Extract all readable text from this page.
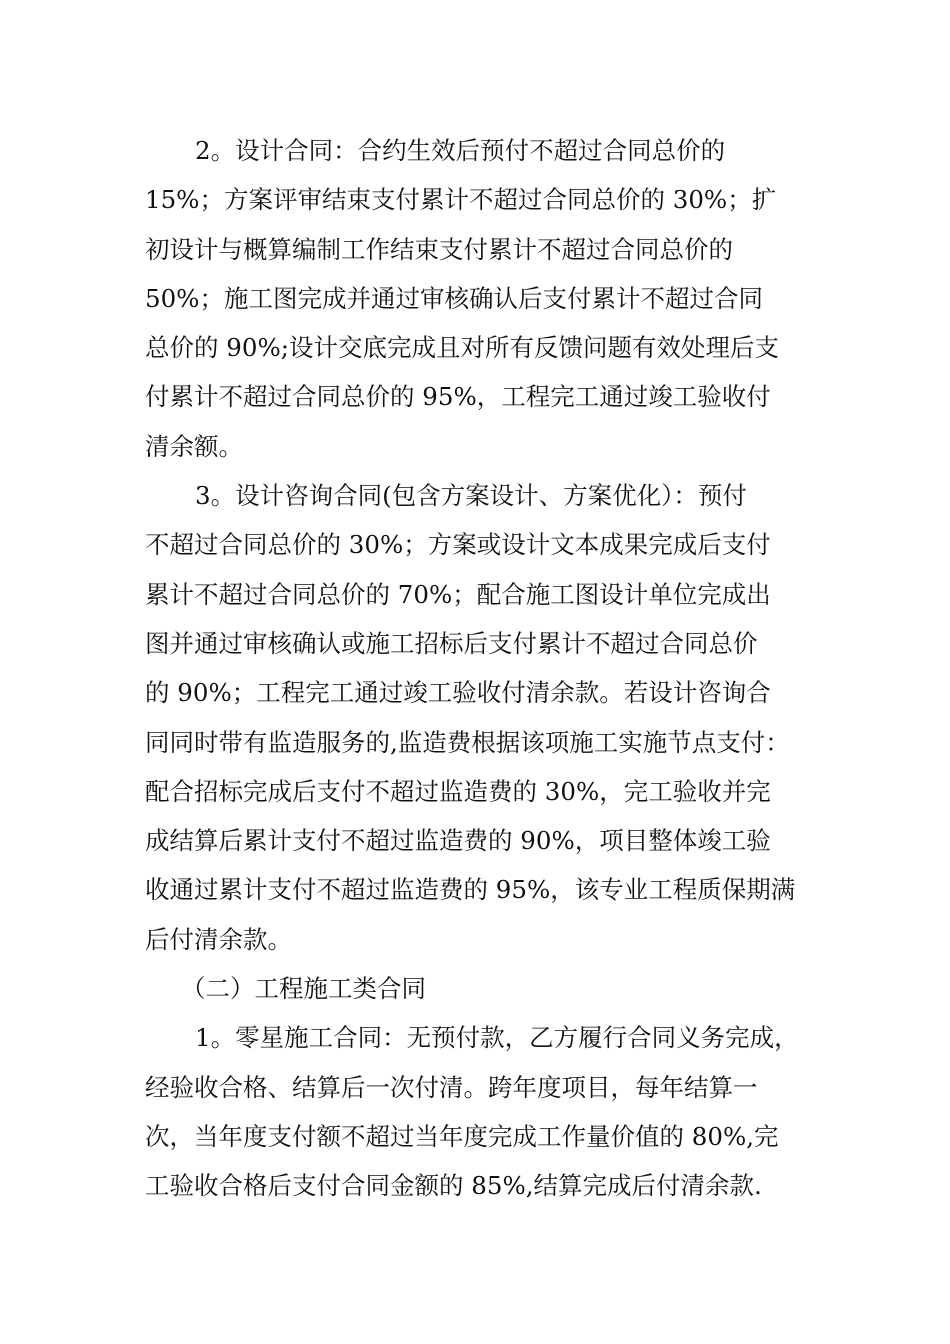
2。设计合同：合约生效后预付不超过合同总价的
15%；方案评审结束支付累计不超过合同总价的 30%；扩
初设计与概算编制工作结束支付累计不超过合同总价的
50%；施工图完成并通过审核确认后支付累计不超过合同
总价的 90%;设计交底完成且对所有反馈问题有效处理后支
付累计不超过合同总价的 95%，工程完工通过竣工验收付
清余额。

3。设计咨询合同(包含方案设计、方案优化）：预付
不超过合同总价的 30%；方案或设计文本成果完成后支付
累计不超过合同总价的 70%；配合施工图设计单位完成出
图并通过审核确认或施工招标后支付累计不超过合同总价
的 90%；工程完工通过竣工验收付清余款。若设计咨询合
同同时带有监造服务的,监造费根据该项施工实施节点支付：
配合招标完成后支付不超过监造费的 30%，完工验收并完
成结算后累计支付不超过监造费的 90%，项目整体竣工验
收通过累计支付不超过监造费的 95%，该专业工程质保期满
后付清余款。

（二）工程施工类合同

1。零星施工合同：无预付款，乙方履行合同义务完成，
经验收合格、结算后一次付清。跨年度项目，每年结算一
次，当年度支付额不超过当年度完成工作量价值的 80%,完
工验收合格后支付合同金额的 85%,结算完成后付清余款.
